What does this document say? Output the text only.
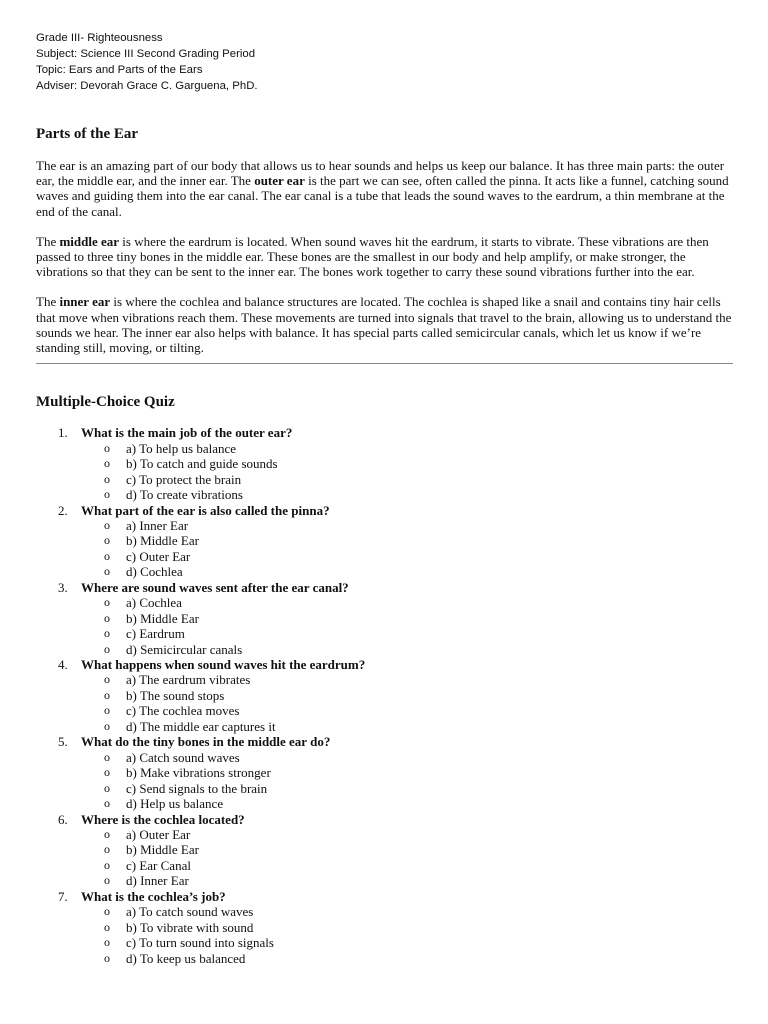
Grade III- Righteousness
Subject: Science III Second Grading Period
Topic: Ears and Parts of the Ears
Adviser: Devorah Grace C. Garguena, PhD.
Parts of the Ear

The ear is an amazing part of our body that allows us to hear sounds and helps us keep our balance. It has three main parts: the outer ear, the middle ear, and the inner ear. The outer ear is the part we can see, often called the pinna. It acts like a funnel, catching sound waves and guiding them into the ear canal. The ear canal is a tube that leads the sound waves to the eardrum, a thin membrane at the end of the canal.

The middle ear is where the eardrum is located. When sound waves hit the eardrum, it starts to vibrate. These vibrations are then passed to three tiny bones in the middle ear. These bones are the smallest in our body and help amplify, or make stronger, the vibrations so that they can be sent to the inner ear. The bones work together to carry these sound vibrations further into the ear.

The inner ear is where the cochlea and balance structures are located. The cochlea is shaped like a snail and contains tiny hair cells that move when vibrations reach them. These movements are turned into signals that travel to the brain, allowing us to understand the sounds we hear. The inner ear also helps with balance. It has special parts called semicircular canals, which let us know if we’re standing still, moving, or tilting.

Multiple-Choice Quiz
1.	What is the main job of the outer ear?
o	a) To help us balance
o	b) To catch and guide sounds
o	c) To protect the brain
o	d) To create vibrations
2.	What part of the ear is also called the pinna?
o	a) Inner Ear
o	b) Middle Ear
o	c) Outer Ear
o	d) Cochlea
3.	Where are sound waves sent after the ear canal?
o	a) Cochlea
o	b) Middle Ear
o	c) Eardrum
o	d) Semicircular canals
4.	What happens when sound waves hit the eardrum?
o	a) The eardrum vibrates
o	b) The sound stops
o	c) The cochlea moves
o	d) The middle ear captures it
5.	What do the tiny bones in the middle ear do?
o	a) Catch sound waves
o	b) Make vibrations stronger
o	c) Send signals to the brain
o	d) Help us balance
6.	Where is the cochlea located?
o	a) Outer Ear
o	b) Middle Ear
o	c) Ear Canal
o	d) Inner Ear
7.	What is the cochlea’s job?
o	a) To catch sound waves
o	b) To vibrate with sound
o	c) To turn sound into signals
o	d) To keep us balanced
